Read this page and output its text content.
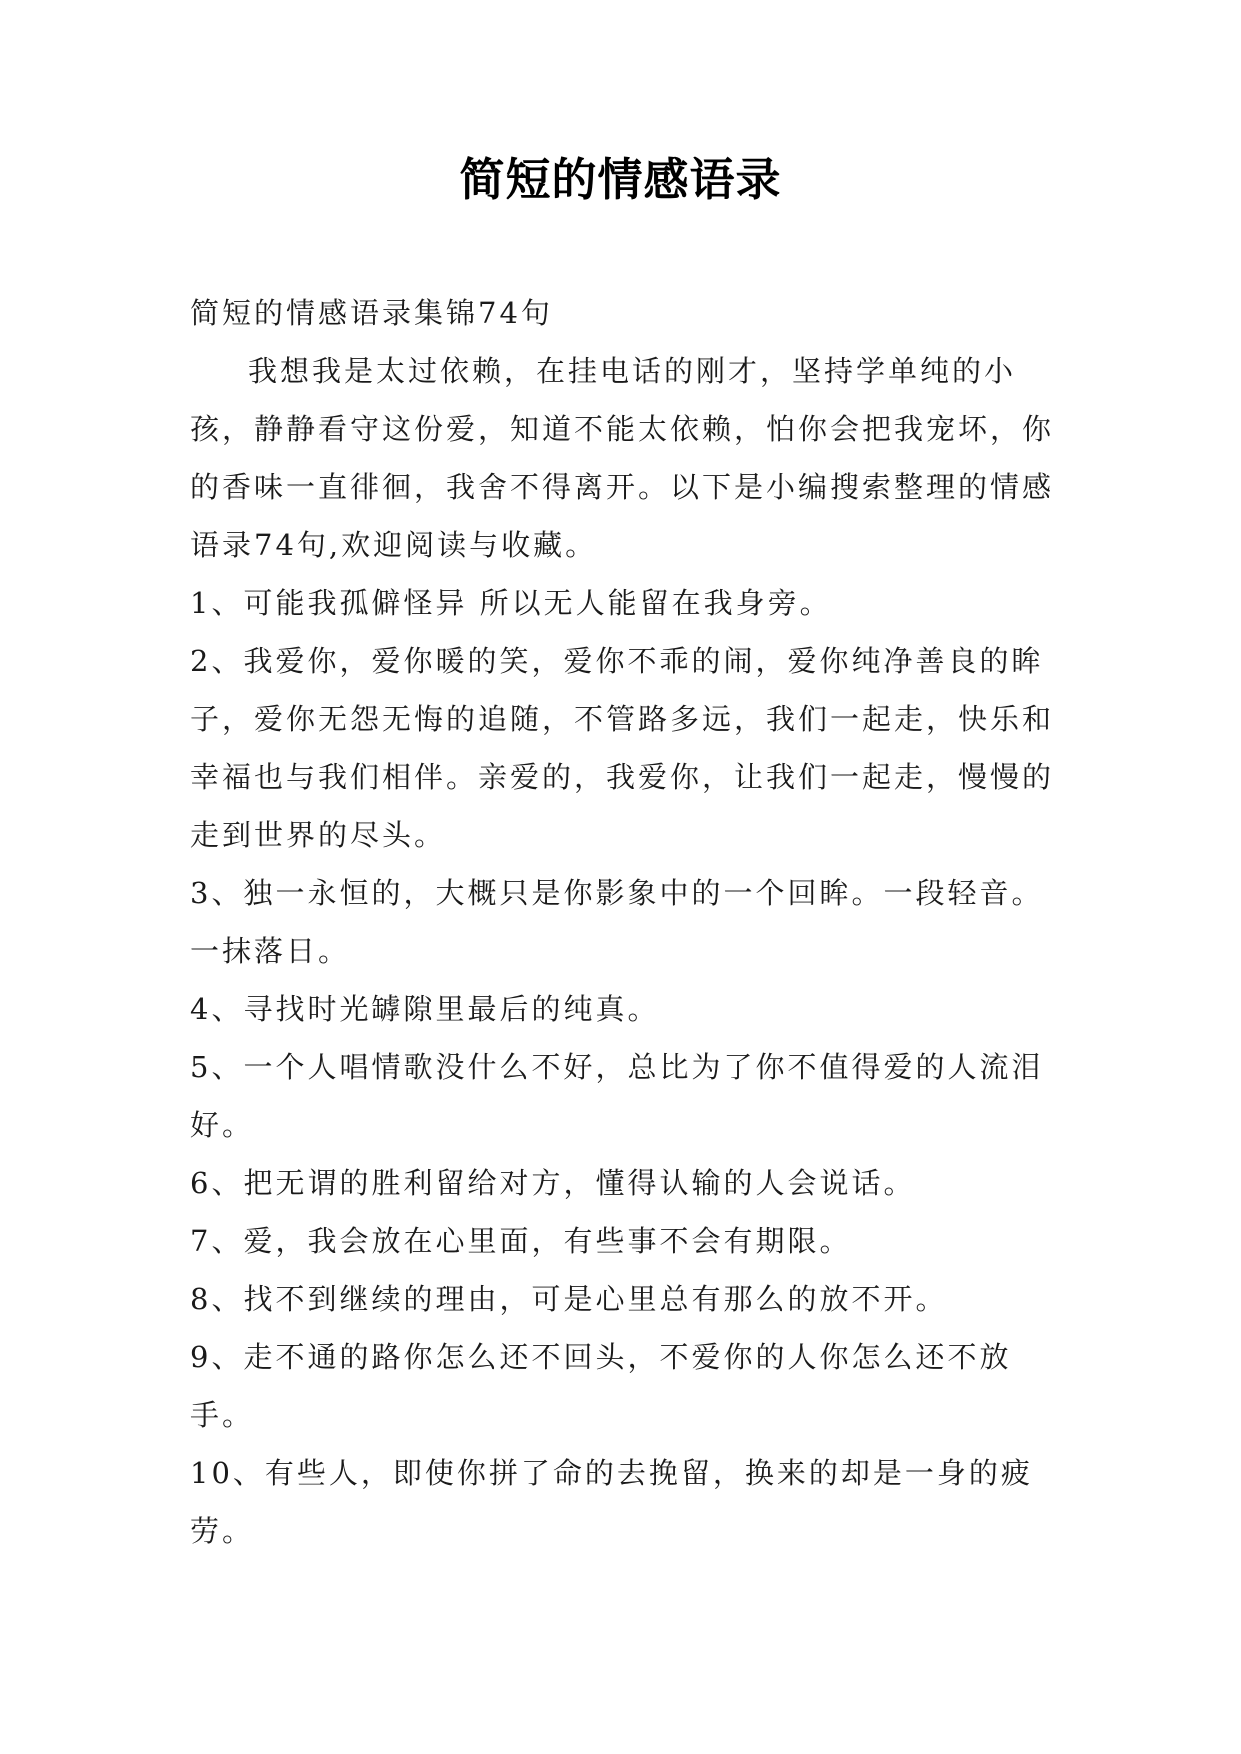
简短的情感语录

简短的情感语录集锦74句

我想我是太过依赖，在挂电话的刚才，坚持学单纯的小孩，静静看守这份爱，知道不能太依赖，怕你会把我宠坏，你的香味一直徘徊，我舍不得离开。以下是小编搜索整理的情感语录74句,欢迎阅读与收藏。

1、可能我孤僻怪异 所以无人能留在我身旁。

2、我爱你，爱你暖的笑，爱你不乖的闹，爱你纯净善良的眸子，爱你无怨无悔的追随，不管路多远，我们一起走，快乐和幸福也与我们相伴。亲爱的，我爱你，让我们一起走，慢慢的走到世界的尽头。

3、独一永恒的，大概只是你影象中的一个回眸。一段轻音。一抹落日。

4、寻找时光罅隙里最后的纯真。

5、一个人唱情歌没什么不好，总比为了你不值得爱的人流泪好。

6、把无谓的胜利留给对方，懂得认输的人会说话。

7、爱，我会放在心里面，有些事不会有期限。

8、找不到继续的理由，可是心里总有那么的放不开。

9、走不通的路你怎么还不回头，不爱你的人你怎么还不放手。

10、有些人，即使你拼了命的去挽留，换来的却是一身的疲劳。
